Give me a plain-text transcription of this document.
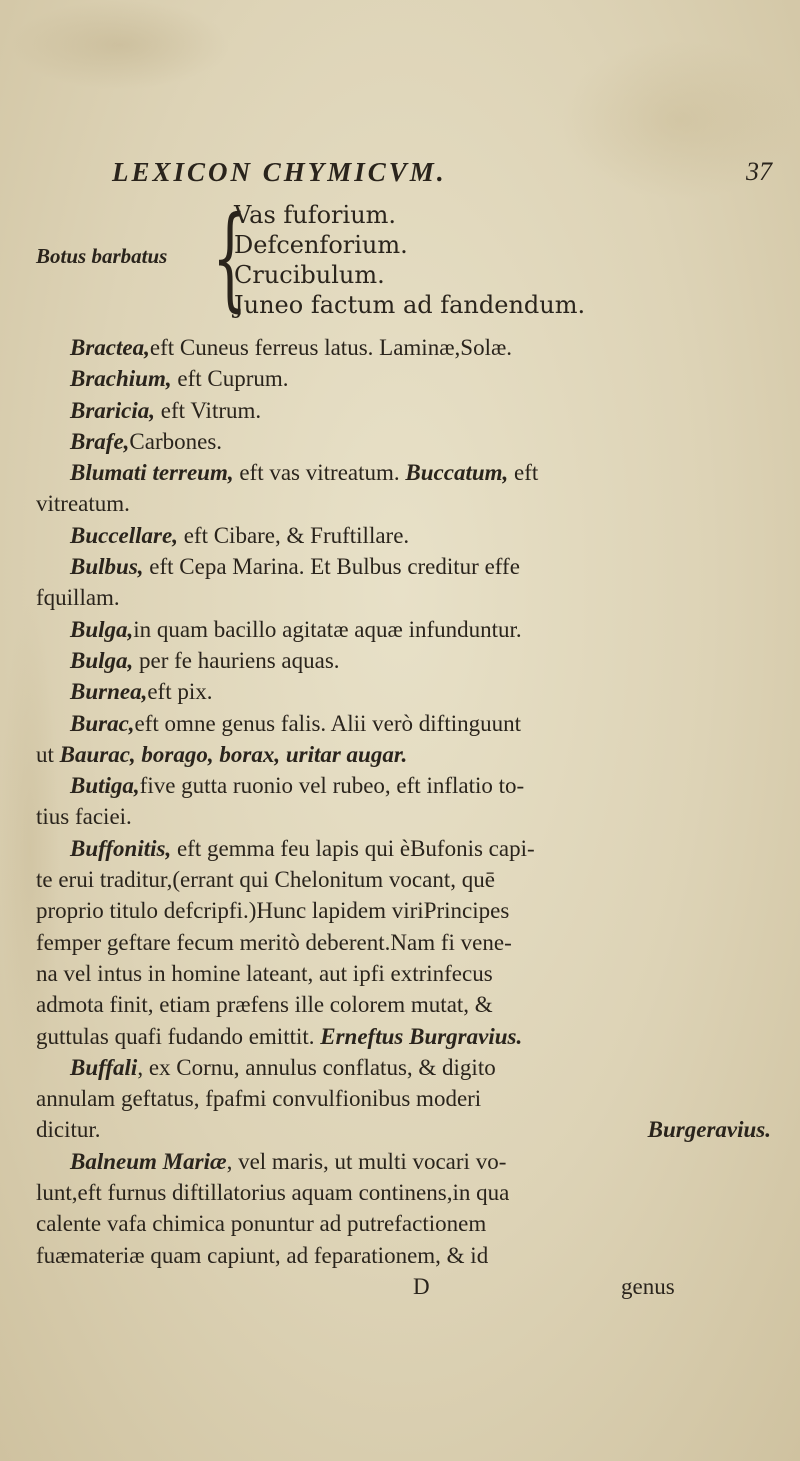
LEXICON CHYMICVM.	37
Botus barbatus {
Vas fuforium.
Defcenforium.
Crucibulum.
Juneo factum ad fandendum.
Bractea,eft Cuneus ferreus latus. Laminæ,Solæ.
Brachium, eft Cuprum.
Braricia, eft Vitrum.
Brafe,Carbones.
Blumati terreum, eft vas vitreatum. Buccatum, eft
vitreatum.
Buccellare, eft Cibare, & Fruftillare.
Bulbus, eft Cepa Marina. Et Bulbus creditur effe
fquillam.
Bulga,in quam bacillo agitatæ aquæ infunduntur.
Bulga, per fe hauriens aquas.
Burnea,eft pix.
Burac,eft omne genus falis. Alii verò diftinguunt
ut Baurac, borago, borax, uritar augar.
Butiga,five gutta ruonio vel rubeo, eft inflatio to-
tius faciei.
Buffonitis, eft gemma feu lapis qui èBufonis capi-
te erui traditur,(errant qui Chelonitum vocant, quē
proprio titulo defcripfi.)Hunc lapidem viriPrincipes
femper geftare fecum meritò deberent.Nam fi vene-
na vel intus in homine lateant, aut ipfi extrinfecus
admota finit, etiam præfens ille colorem mutat, &
guttulas quafi fudando emittit. Erneftus Burgravius.
Buffali, ex Cornu, annulus conflatus, & digito
annulam geftatus, fpafmi convulfionibus moderi
dicitur.	Burgeravius.
Balneum Mariæ, vel maris, ut multi vocari vo-
lunt,eft furnus diftillatorius aquam continens,in qua
calente vafa chimica ponuntur ad putrefactionem
fuæmateriæ quam capiunt, ad feparationem, & id
D	genus
